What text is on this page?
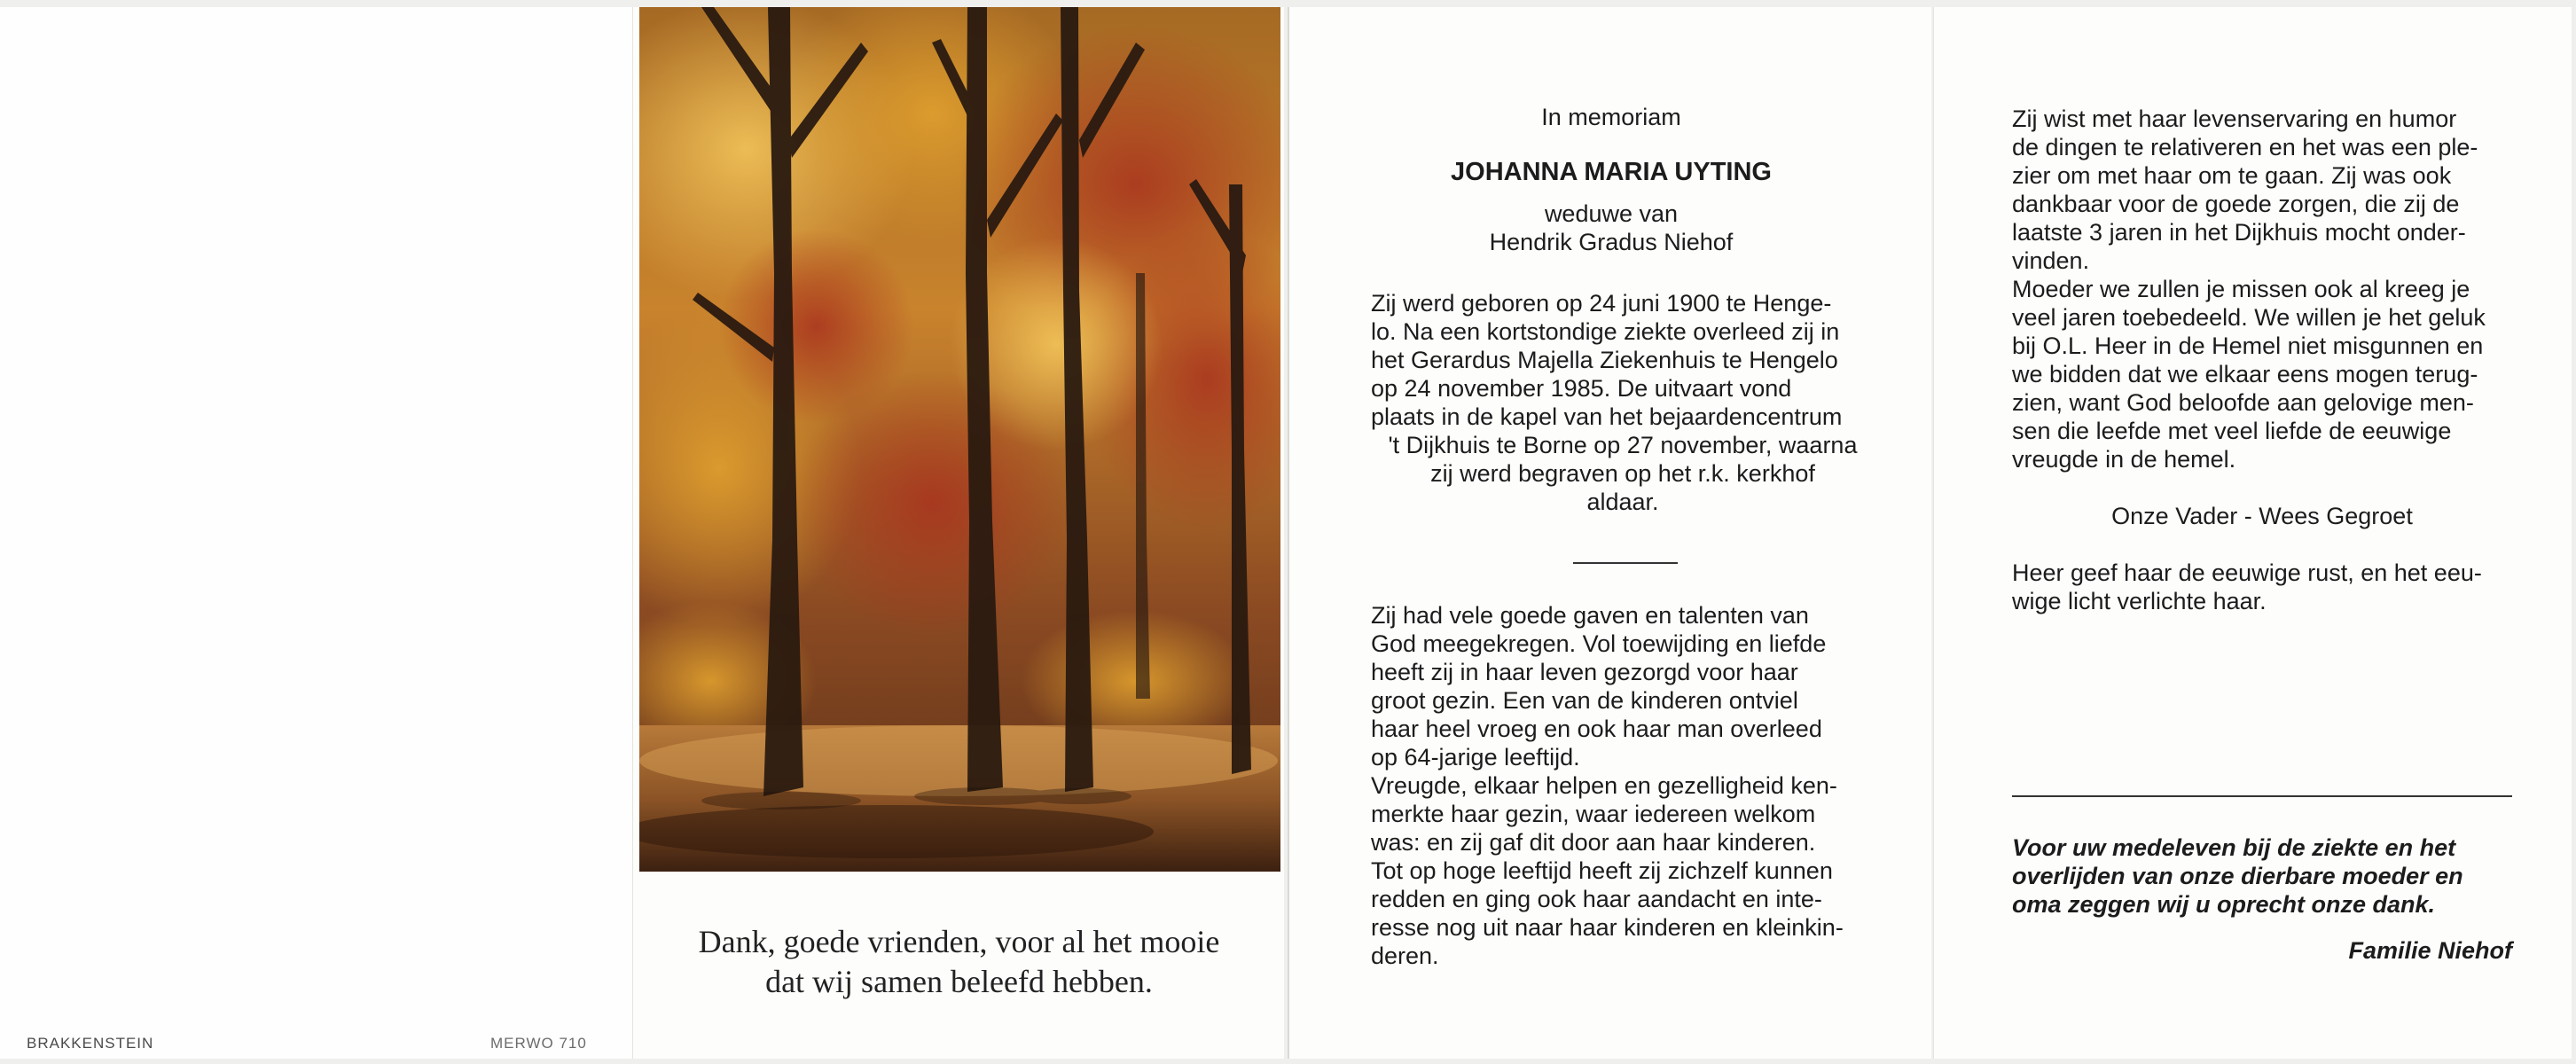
BRAKKENSTEIN	MERWO 710
Dank, goede vrienden, voor al het mooie
dat wij samen beleefd hebben.
In memoriam
JOHANNA MARIA UYTING
weduwe van
Hendrik Gradus Niehof
Zij werd geboren op 24 juni 1900 te Henge-
lo. Na een kortstondige ziekte overleed zij in
het Gerardus Majella Ziekenhuis te Hengelo
op 24 november 1985. De uitvaart vond
plaats in de kapel van het bejaardencentrum
't Dijkhuis te Borne op 27 november, waarna
zij werd begraven op het r.k. kerkhof
aldaar.
Zij had vele goede gaven en talenten van
God meegekregen. Vol toewijding en liefde
heeft zij in haar leven gezorgd voor haar
groot gezin. Een van de kinderen ontviel
haar heel vroeg en ook haar man overleed
op 64-jarige leeftijd.
Vreugde, elkaar helpen en gezelligheid ken-
merkte haar gezin, waar iedereen welkom
was: en zij gaf dit door aan haar kinderen.
Tot op hoge leeftijd heeft zij zichzelf kunnen
redden en ging ook haar aandacht en inte-
resse nog uit naar haar kinderen en kleinkin-
deren.
Zij wist met haar levenservaring en humor
de dingen te relativeren en het was een ple-
zier om met haar om te gaan. Zij was ook
dankbaar voor de goede zorgen, die zij de
laatste 3 jaren in het Dijkhuis mocht onder-
vinden.
Moeder we zullen je missen ook al kreeg je
veel jaren toebedeeld. We willen je het geluk
bij O.L. Heer in de Hemel niet misgunnen en
we bidden dat we elkaar eens mogen terug-
zien, want God beloofde aan gelovige men-
sen die leefde met veel liefde de eeuwige
vreugde in de hemel.
Onze Vader - Wees Gegroet
Heer geef haar de eeuwige rust, en het eeu-
wige licht verlichte haar.
Voor uw medeleven bij de ziekte en het
overlijden van onze dierbare moeder en
oma zeggen wij u oprecht onze dank.
Familie Niehof
